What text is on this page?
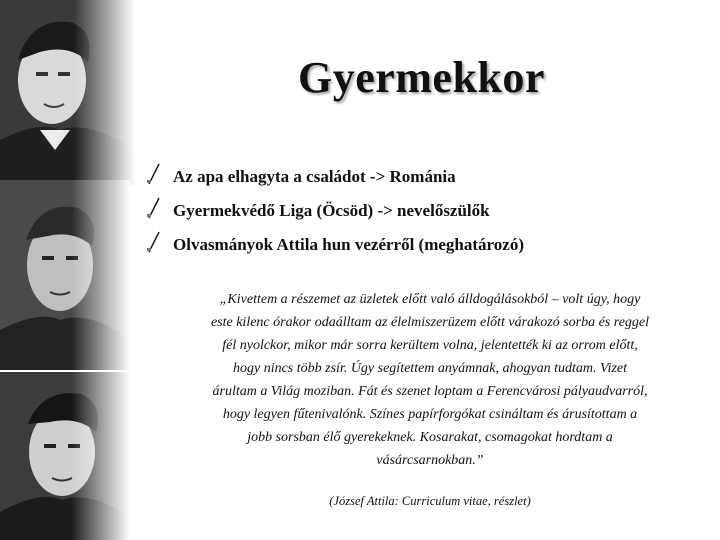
Gyermekkor
Az apa elhagyta a családot -> Románia
Gyermekvédő Liga (Öcsöd) -> nevelőszülők
Olvasmányok Attila hun vezérről (meghatározó)
„Kivettem a részemet az üzletek előtt való álldogálásokból – volt úgy, hogy
este kilenc órakor odaálltam az élelmiszerüzem előtt várakozó sorba és reggel
fél nyolckor, mikor már sorra kerültem volna, jelentették ki az orrom előtt,
hogy nincs több zsír. Úgy segítettem anyámnak, ahogyan tudtam. Vizet
árultam a Világ moziban. Fát és szenet loptam a Ferencvárosi pályaudvarról,
hogy legyen fűtenivalónk. Színes papírforgókat csináltam és árusítottam a
jobb sorsban élő gyerekeknek. Kosarakat, csomagokat hordtam a
vásárcsarnokban.”
(József Attila: Curriculum vitae, részlet)
